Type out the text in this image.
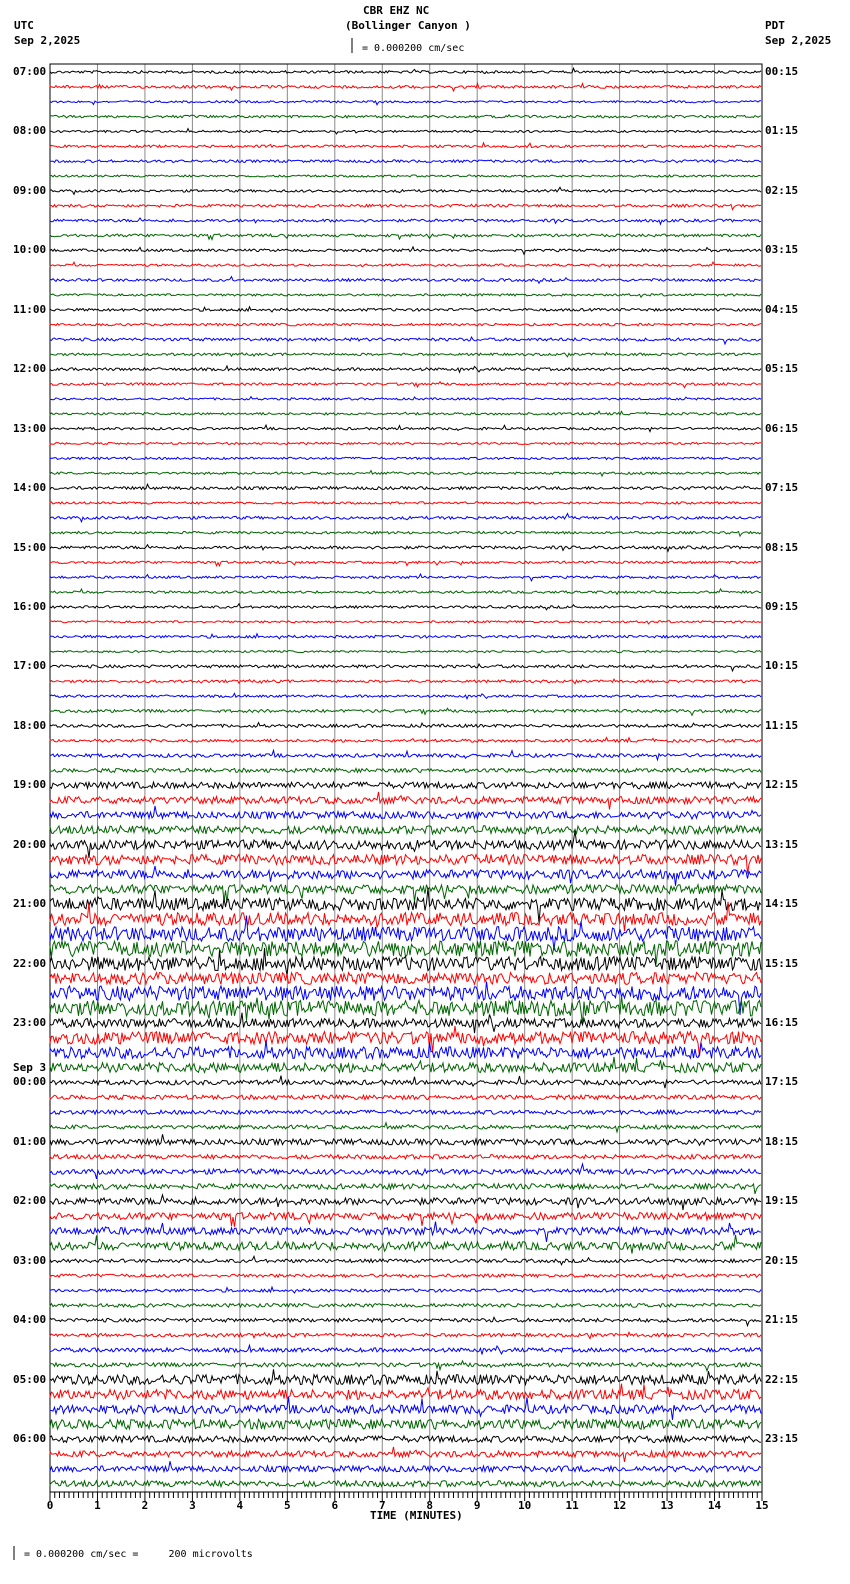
CBR EHZ NC
(Bollinger Canyon )
UTC
Sep 2,2025
PDT
Sep 2,2025
= 0.000200 cm/sec
TIME (MINUTES)
= 0.000200 cm/sec =     200 microvolts
0	1	2	3	4	5	6	7	8	9	10	11	12	13	14	15
07:00
08:00
09:00
10:00
11:00
12:00
13:00
14:00
15:00
16:00
17:00
18:00
19:00
20:00
21:00
22:00
23:00
00:00
Sep 3
01:00
02:00
03:00
04:00
05:00
06:00
00:15
01:15
02:15
03:15
04:15
05:15
06:15
07:15
08:15
09:15
10:15
11:15
12:15
13:15
14:15
15:15
16:15
17:15
18:15
19:15
20:15
21:15
22:15
23:15
